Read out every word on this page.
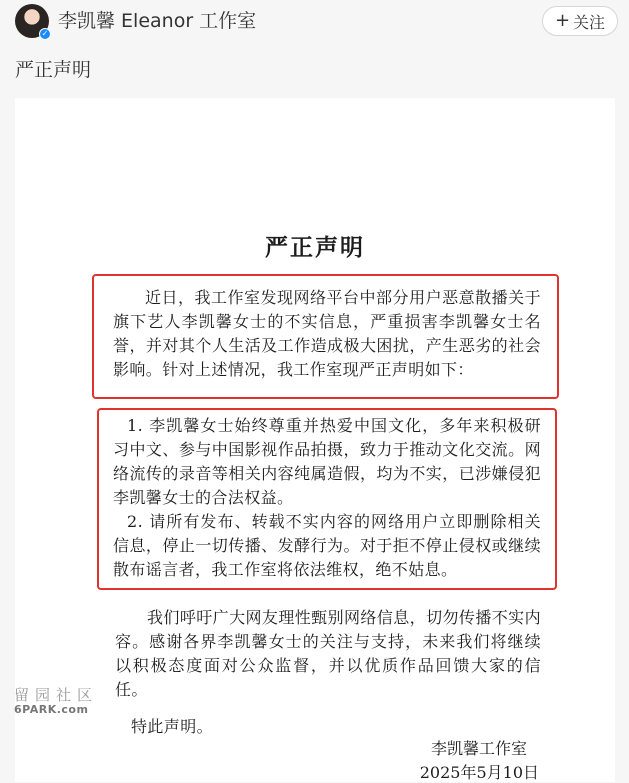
✓
李凯馨 Eleanor 工作室	+ 关注
严正声明
严正声明
近日，我工作室发现网络平台中部分用户恶意散播关于旗下艺人李凯馨女士的不实信息，严重损害李凯馨女士名誉，并对其个人生活及工作造成极大困扰，产生恶劣的社会影响。针对上述情况，我工作室现严正声明如下：
1. 李凯馨女士始终尊重并热爱中国文化，多年来积极研习中文、参与中国影视作品拍摄，致力于推动文化交流。网络流传的录音等相关内容纯属造假，均为不实，已涉嫌侵犯李凯馨女士的合法权益。
2. 请所有发布、转载不实内容的网络用户立即删除相关信息，停止一切传播、发酵行为。对于拒不停止侵权或继续散布谣言者，我工作室将依法维权，绝不姑息。
我们呼吁广大网友理性甄别网络信息，切勿传播不实内容。感谢各界李凯馨女士的关注与支持，未来我们将继续以积极态度面对公众监督，并以优质作品回馈大家的信任。
特此声明。
李凯馨工作室
2025年5月10日
留园社区
6PARK.com
